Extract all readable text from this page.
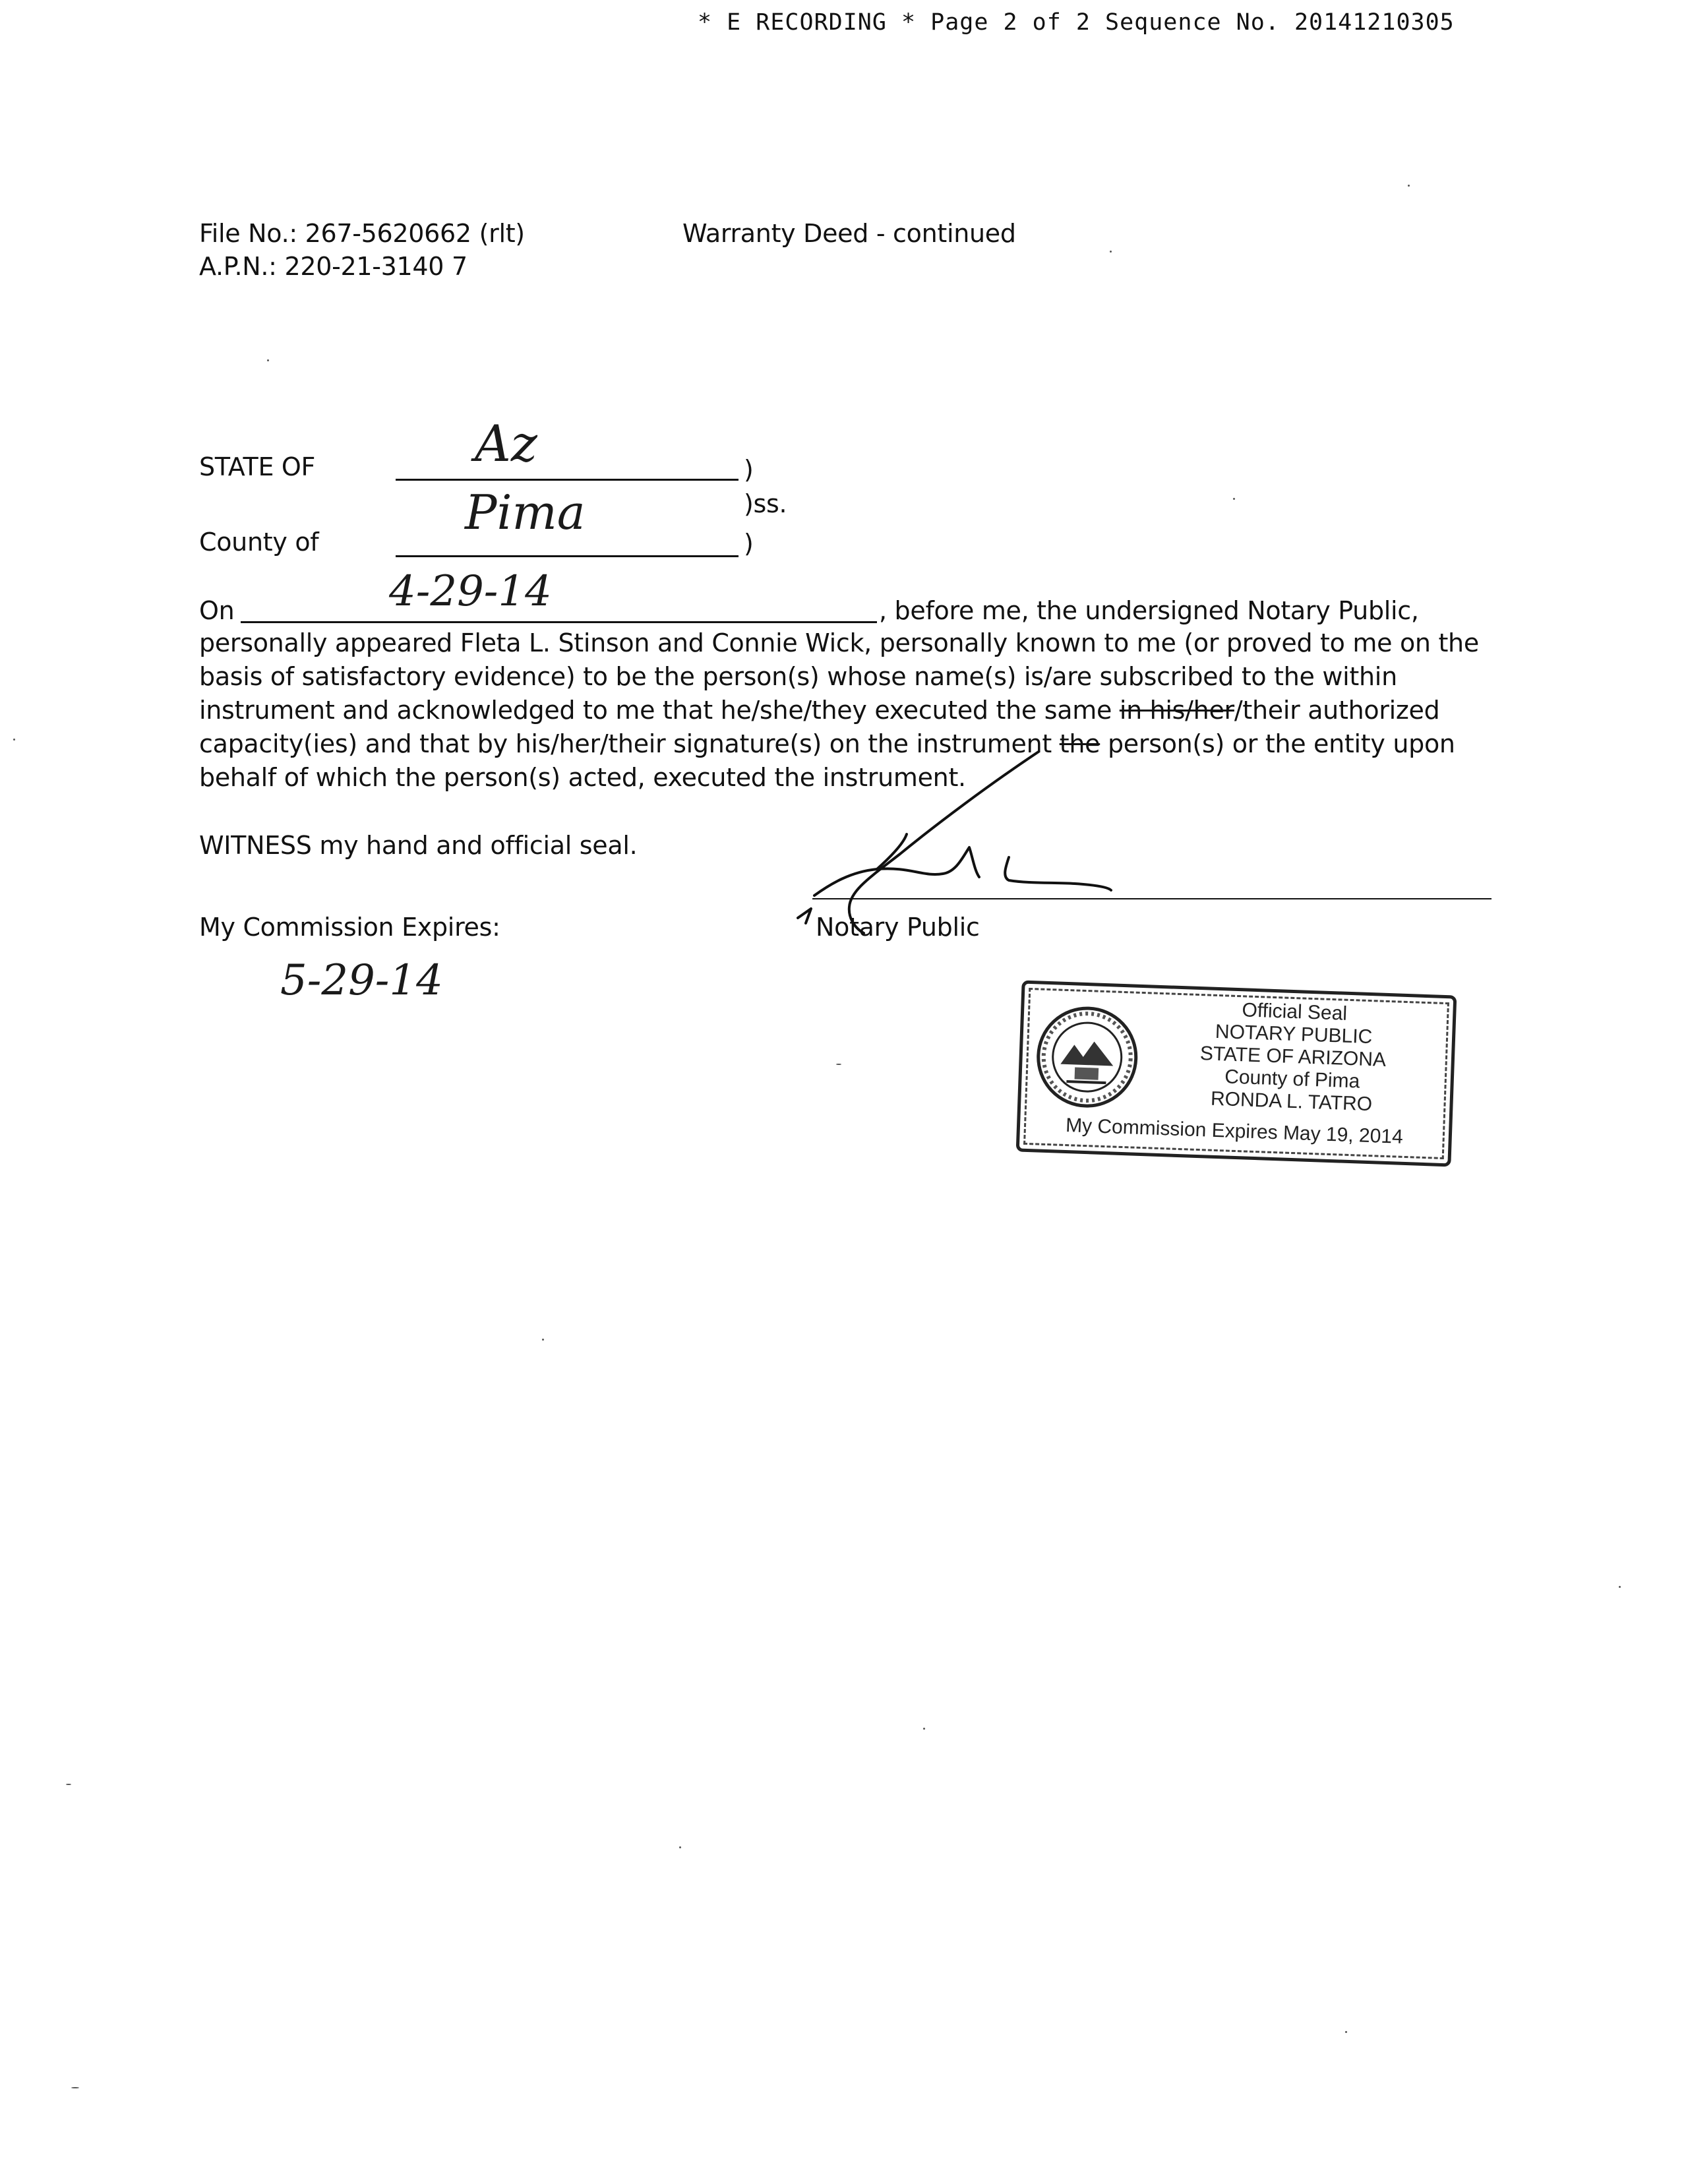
* E RECORDING * Page 2 of 2 Sequence No. 20141210305
File No.: 267-5620662 (rlt)
A.P.N.: 220-21-3140 7
Warranty Deed - continued
STATE OF	Az	)
)ss.
County of
Pima
)
On	4-29-14	, before me, the undersigned Notary Public,
personally appeared Fleta L. Stinson and Connie Wick, personally known to me (or proved to me on the
basis of satisfactory evidence) to be the person(s) whose name(s) is/are subscribed to the within
instrument and acknowledged to me that he/she/they executed the same in his/her/their authorized
capacity(ies) and that by his/her/their signature(s) on the instrument the person(s) or the entity upon
behalf of which the person(s) acted, executed the instrument.
WITNESS my hand and official seal.
Notary Public
My Commission Expires:
5-29-14
Official Seal
NOTARY PUBLIC
STATE OF ARIZONA
County of Pima
RONDA L. TATRO
My Commission Expires May 19, 2014
